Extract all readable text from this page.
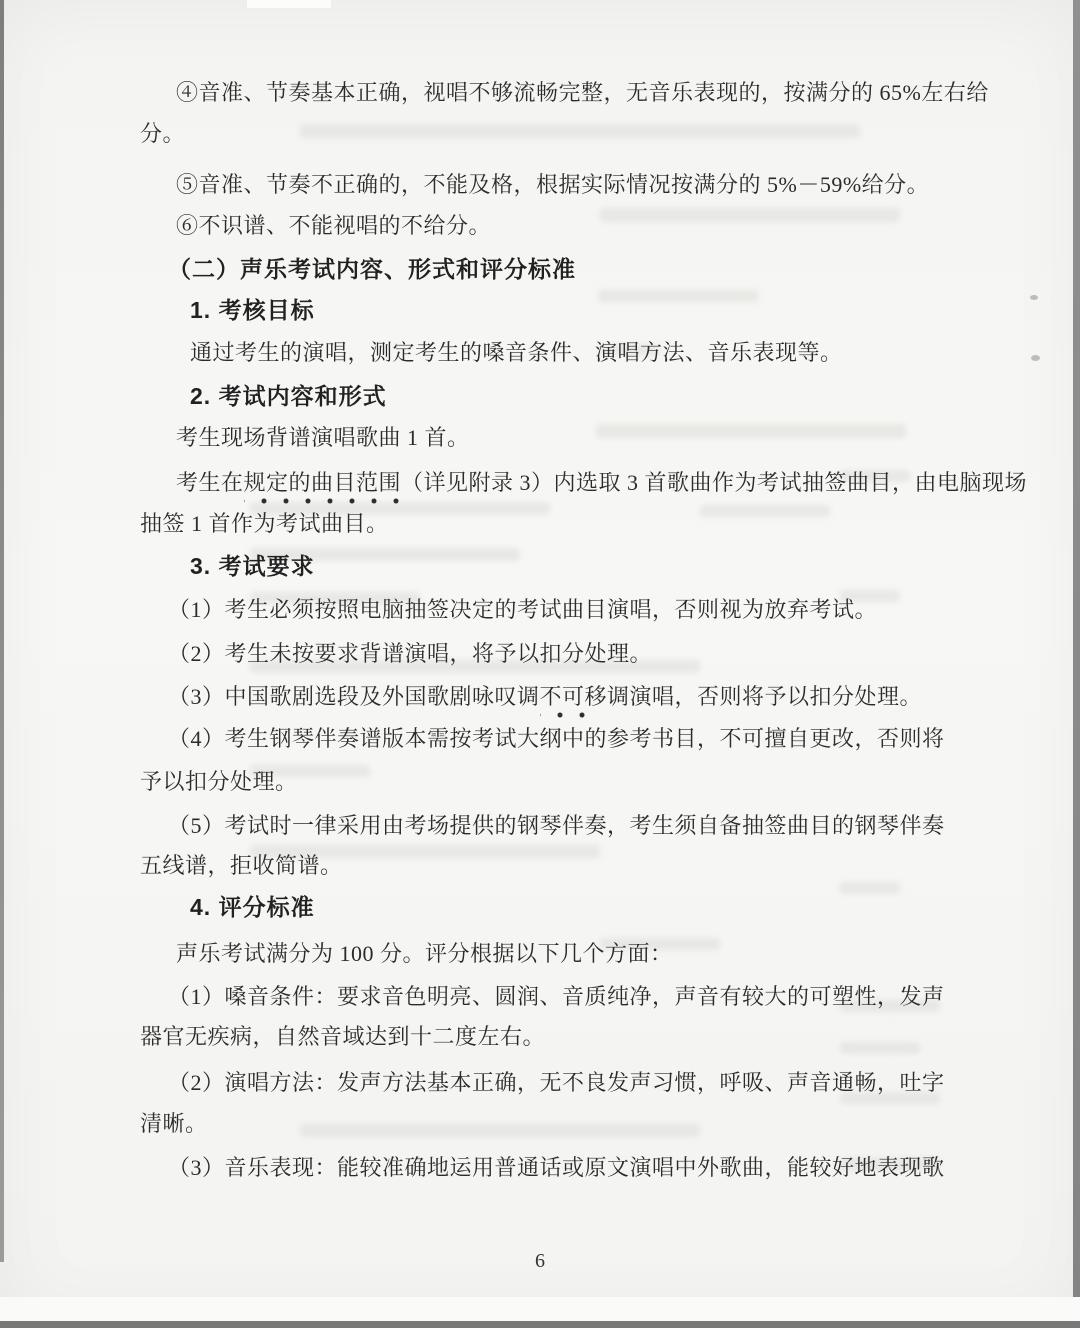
④音准、节奏基本正确，视唱不够流畅完整，无音乐表现的，按满分的 65%左右给
分。
⑤音准、节奏不正确的，不能及格，根据实际情况按满分的 5%－59%给分。
⑥不识谱、不能视唱的不给分。
（二）声乐考试内容、形式和评分标准
1. 考核目标
通过考生的演唱，测定考生的嗓音条件、演唱方法、音乐表现等。
2. 考试内容和形式
考生现场背谱演唱歌曲 1 首。
考生在规定的曲目范围（详见附录 3）内选取 3 首歌曲作为考试抽签曲目，由电脑现场
抽签 1 首作为考试曲目。
3. 考试要求
（1）考生必须按照电脑抽签决定的考试曲目演唱，否则视为放弃考试。
（2）考生未按要求背谱演唱，将予以扣分处理。
（3）中国歌剧选段及外国歌剧咏叹调不可移调演唱，否则将予以扣分处理。
（4）考生钢琴伴奏谱版本需按考试大纲中的参考书目，不可擅自更改，否则将
予以扣分处理。
（5）考试时一律采用由考场提供的钢琴伴奏，考生须自备抽签曲目的钢琴伴奏
五线谱，拒收简谱。
4. 评分标准
声乐考试满分为 100 分。评分根据以下几个方面：
（1）嗓音条件：要求音色明亮、圆润、音质纯净，声音有较大的可塑性，发声
器官无疾病，自然音域达到十二度左右。
（2）演唱方法：发声方法基本正确，无不良发声习惯，呼吸、声音通畅，吐字
清晰。
（3）音乐表现：能较准确地运用普通话或原文演唱中外歌曲，能较好地表现歌
6
